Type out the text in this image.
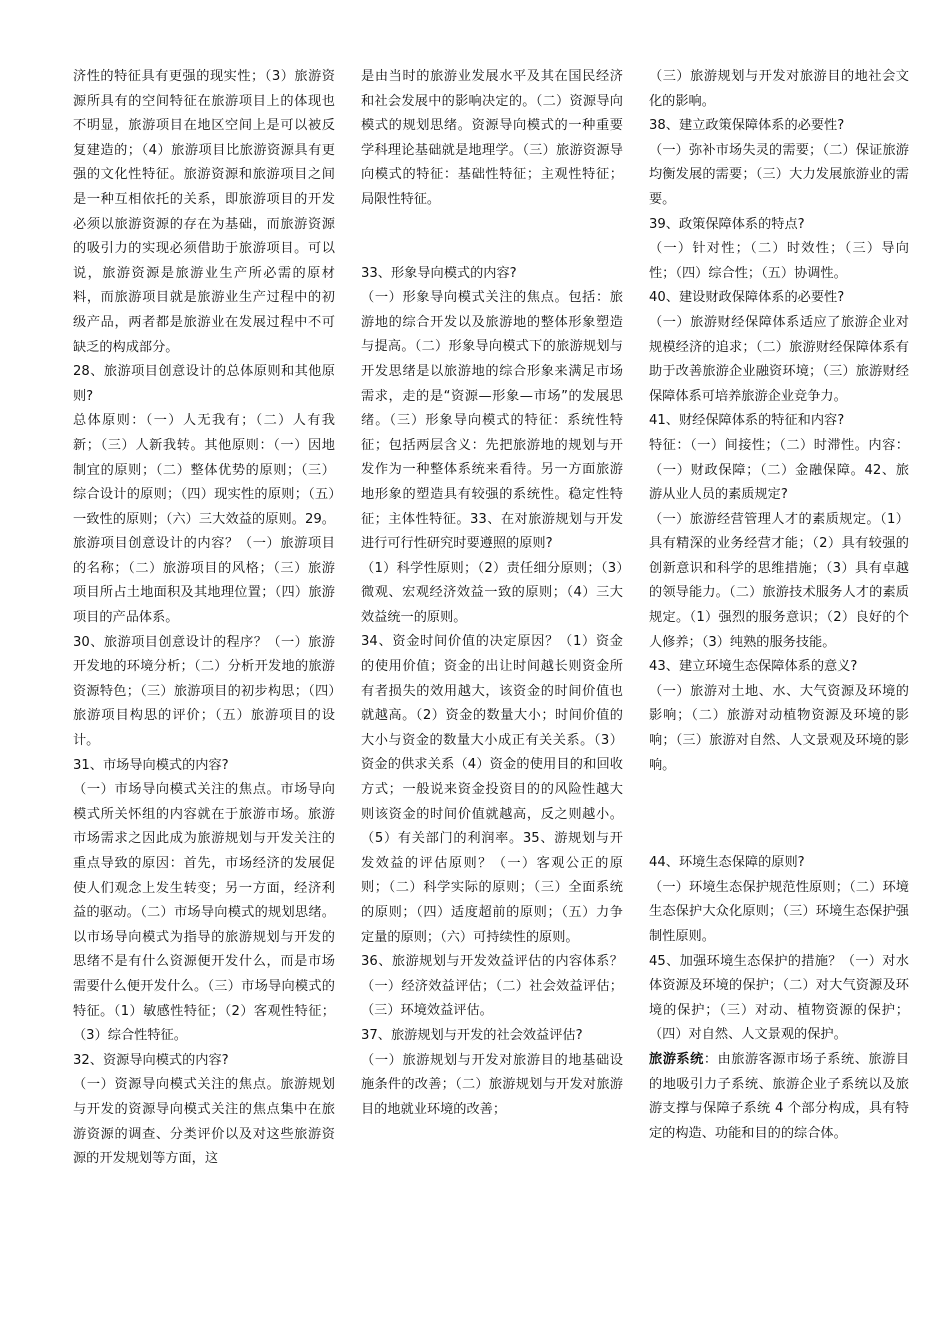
济性的特征具有更强的现实性；（3）旅游资源所具有的空间特征在旅游项目上的体现也不明显，旅游项目在地区空间上是可以被反复建造的；（4）旅游项目比旅游资源具有更强的文化性特征。旅游资源和旅游项目之间是一种互相依托的关系，即旅游项目的开发必须以旅游资源的存在为基础，而旅游资源的吸引力的实现必须借助于旅游项目。可以说，旅游资源是旅游业生产所必需的原材料，而旅游项目就是旅游业生产过程中的初级产品，两者都是旅游业在发展过程中不可缺乏的构成部分。

28、旅游项目创意设计的总体原则和其他原则?

总体原则：（一）人无我有；（二）人有我新；（三）人新我转。其他原则：（一）因地制宜的原则；（二）整体优势的原则；（三）综合设计的原则；（四）现实性的原则；（五）一致性的原则；（六）三大效益的原则。29。旅游项目创意设计的内容？（一）旅游项目的名称；（二）旅游项目的风格；（三）旅游项目所占土地面积及其地理位置；（四）旅游项目的产品体系。

30、旅游项目创意设计的程序？（一）旅游开发地的环境分析；（二）分析开发地的旅游资源特色；（三）旅游项目的初步构思；（四）旅游项目构思的评价；（五）旅游项目的设计。

31、市场导向模式的内容?

（一）市场导向模式关注的焦点。市场导向模式所关怀组的内容就在于旅游市场。旅游市场需求之因此成为旅游规划与开发关注的重点导致的原因：首先，市场经济的发展促使人们观念上发生转变；另一方面，经济利益的驱动。（二）市场导向模式的规划思绪。以市场导向模式为指导的旅游规划与开发的思绪不是有什么资源便开发什么，而是市场需要什么便开发什么。（三）市场导向模式的特征。（1）敏感性特征；（2）客观性特征；（3）综合性特征。

32、资源导向模式的内容?

（一）资源导向模式关注的焦点。旅游规划与开发的资源导向模式关注的焦点集中在旅游资源的调查、分类评价以及对这些旅游资源的开发规划等方面，这

是由当时的旅游业发展水平及其在国民经济和社会发展中的影响决定的。（二）资源导向模式的规划思绪。资源导向模式的一种重要学科理论基础就是地理学。（三）旅游资源导向模式的特征：基础性特征；主观性特征；局限性特征。

33、形象导向模式的内容?

（一）形象导向模式关注的焦点。包括：旅游地的综合开发以及旅游地的整体形象塑造与提高。（二）形象导向模式下的旅游规划与开发思绪是以旅游地的综合形象来满足市场需求，走的是“资源—形象—市场”的发展思绪。（三）形象导向模式的特征：系统性特征；包括两层含义：先把旅游地的规划与开发作为一种整体系统来看待。另一方面旅游地形象的塑造具有较强的系统性。稳定性特征；主体性特征。33、在对旅游规划与开发进行可行性研究时要遵照的原则?

（1）科学性原则；（2）责任细分原则；（3）微观、宏观经济效益一致的原则；（4）三大效益统一的原则。

34、资金时间价值的决定原因？（1）资金的使用价值；资金的出让时间越长则资金所有者损失的效用越大，该资金的时间价值也就越高。（2）资金的数量大小；时间价值的大小与资金的数量大小成正有关关系。（3）资金的供求关系（4）资金的使用目的和回收方式；一般说来资金投资目的的风险性越大则该资金的时间价值就越高，反之则越小。（5）有关部门的利润率。35、游规划与开发效益的评估原则？（一）客观公正的原则；（二）科学实际的原则；（三）全面系统的原则；（四）适度超前的原则；（五）力争定量的原则；（六）可持续性的原则。

36、旅游规划与开发效益评估的内容体系？（一）经济效益评估；（二）社会效益评估；（三）环境效益评估。

37、旅游规划与开发的社会效益评估?

（一）旅游规划与开发对旅游目的地基础设施条件的改善；（二）旅游规划与开发对旅游目的地就业环境的改善；

（三）旅游规划与开发对旅游目的地社会文化的影响。

38、建立政策保障体系的必要性?

（一）弥补市场失灵的需要；（二）保证旅游均衡发展的需要；（三）大力发展旅游业的需要。

39、政策保障体系的特点?

（一）针对性；（二）时效性；（三）导向性；（四）综合性；（五）协调性。

40、建设财政保障体系的必要性?

（一）旅游财经保障体系适应了旅游企业对规模经济的追求；（二）旅游财经保障体系有助于改善旅游企业融资环境；（三）旅游财经保障体系可培养旅游企业竞争力。

41、财经保障体系的特征和内容?

特征：（一）间接性；（二）时滞性。内容：（一）财政保障；（二）金融保障。42、旅游从业人员的素质规定?

（一）旅游经营管理人才的素质规定。（1）具有精深的业务经营才能；（2）具有较强的创新意识和科学的思维措施；（3）具有卓越的领导能力。（二）旅游技术服务人才的素质规定。（1）强烈的服务意识；（2）良好的个人修养；（3）纯熟的服务技能。

43、建立环境生态保障体系的意义?

（一）旅游对土地、水、大气资源及环境的影响；（二）旅游对动植物资源及环境的影响；（三）旅游对自然、人文景观及环境的影响。

44、环境生态保障的原则?

（一）环境生态保护规范性原则；（二）环境生态保护大众化原则；（三）环境生态保护强制性原则。

45、加强环境生态保护的措施？（一）对水体资源及环境的保护；（二）对大气资源及环境的保护；（三）对动、植物资源的保护；（四）对自然、人文景观的保护。

旅游系统：由旅游客源市场子系统、旅游目的地吸引力子系统、旅游企业子系统以及旅游支撑与保障子系统 4 个部分构成，具有特定的构造、功能和目的的综合体。
